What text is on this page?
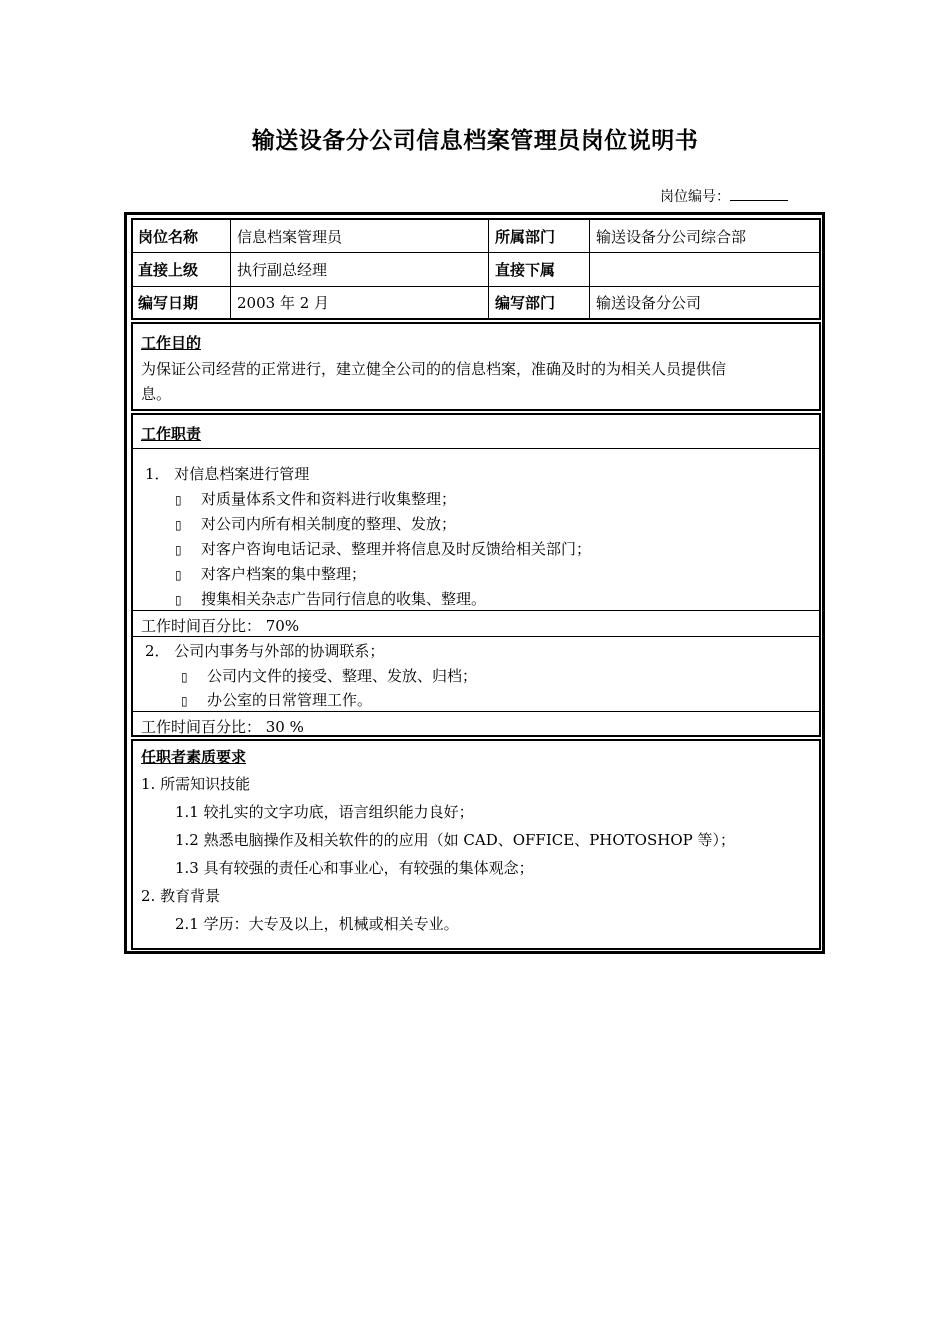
输送设备分公司信息档案管理员岗位说明书
岗位编号：
岗位名称	信息档案管理员	所属部门	输送设备分公司综合部
直接上级	执行副总经理	直接下属
编写日期	2003 年 2 月	编写部门	输送设备分公司
工作目的
为保证公司经营的正常进行，建立健全公司的的信息档案，准确及时的为相关人员提供信
息。
工作职责
1． 对信息档案进行管理
▯ 对质量体系文件和资料进行收集整理；
▯ 对公司内所有相关制度的整理、发放；
▯ 对客户咨询电话记录、整理并将信息及时反馈给相关部门；
▯ 对客户档案的集中整理；
▯ 搜集相关杂志广告同行信息的收集、整理。
工作时间百分比： 70%
2． 公司内事务与外部的协调联系；
▯ 公司内文件的接受、整理、发放、归档；
▯ 办公室的日常管理工作。
工作时间百分比： 30 %
任职者素质要求
1. 所需知识技能
1.1 较扎实的文字功底，语言组织能力良好；
1.2 熟悉电脑操作及相关软件的的应用（如 CAD、OFFICE、PHOTOSHOP 等）；
1.3 具有较强的责任心和事业心，有较强的集体观念；
2. 教育背景
2.1 学历：大专及以上，机械或相关专业。
